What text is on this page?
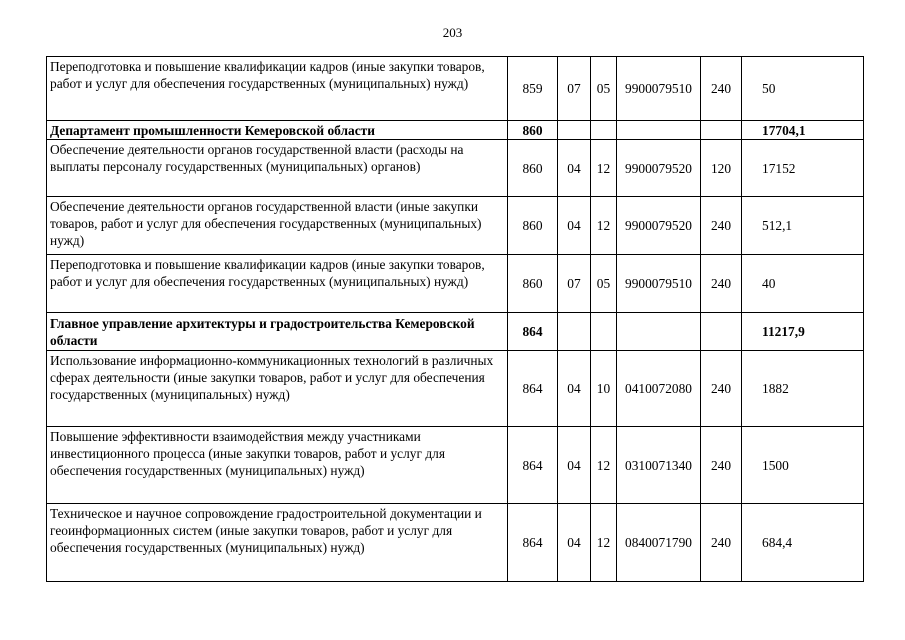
203
Переподготовка и повышение квалификации кадров (иные закупки товаров, работ и услуг для обеспечения государственных (муниципальных) нужд)	859	07	05	9900079510	240	50
Департамент промышленности Кемеровской области	860					17704,1
Обеспечение деятельности органов государственной власти (расходы на выплаты персоналу государственных (муниципальных) органов)	860	04	12	9900079520	120	17152
Обеспечение деятельности органов государственной власти (иные закупки товаров, работ и услуг для обеспечения государственных (муниципальных) нужд)	860	04	12	9900079520	240	512,1
Переподготовка и повышение квалификации кадров (иные закупки товаров, работ и услуг для обеспечения государственных (муниципальных) нужд)	860	07	05	9900079510	240	40
Главное управление архитектуры и градостроительства Кемеровской области	864					11217,9
Использование информационно-коммуникационных технологий в различных сферах деятельности (иные закупки товаров, работ и услуг для обеспечения государственных (муниципальных) нужд)	864	04	10	0410072080	240	1882
Повышение эффективности взаимодействия между участниками инвестиционного процесса (иные закупки товаров, работ и услуг для обеспечения государственных (муниципальных) нужд)	864	04	12	0310071340	240	1500
Техническое и научное сопровождение градостроительной документации и геоинформационных систем (иные закупки товаров, работ и услуг для обеспечения государственных (муниципальных) нужд)	864	04	12	0840071790	240	684,4
